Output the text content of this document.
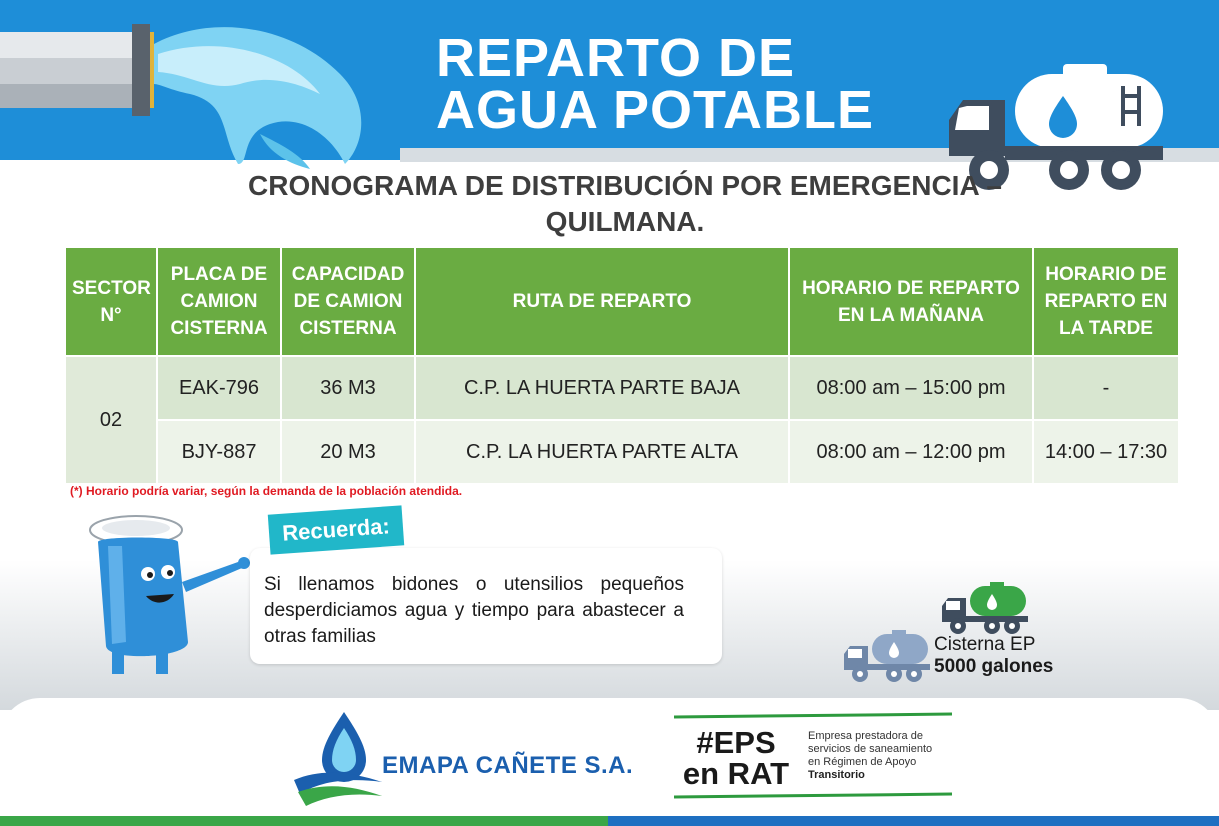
REPARTO DE
AGUA POTABLE
CRONOGRAMA DE DISTRIBUCIÓN POR EMERGENCIA –
QUILMANA.
SECTOR N°	PLACA DE CAMION CISTERNA	CAPACIDAD DE CAMION CISTERNA	RUTA DE REPARTO	HORARIO DE REPARTO EN LA MAÑANA	HORARIO DE REPARTO EN LA TARDE
02	EAK-796	36 M3	C.P. LA HUERTA PARTE BAJA	08:00 am – 15:00 pm	-
	BJY-887	20 M3	C.P. LA HUERTA PARTE ALTA	08:00 am – 12:00 pm	14:00 – 17:30

(*) Horario podría variar, según la demanda de la población atendida.

Si llenamos bidones o utensilios pequeños desperdiciamos agua y tiempo para abastecer a otras familias

Recuerda:

Cisterna EP

5000 galones

EMAPA CAÑETE S.A.

#EPS en RAT

Empresa prestadora de
servicios de saneamiento
en Régimen de Apoyo
Transitorio
